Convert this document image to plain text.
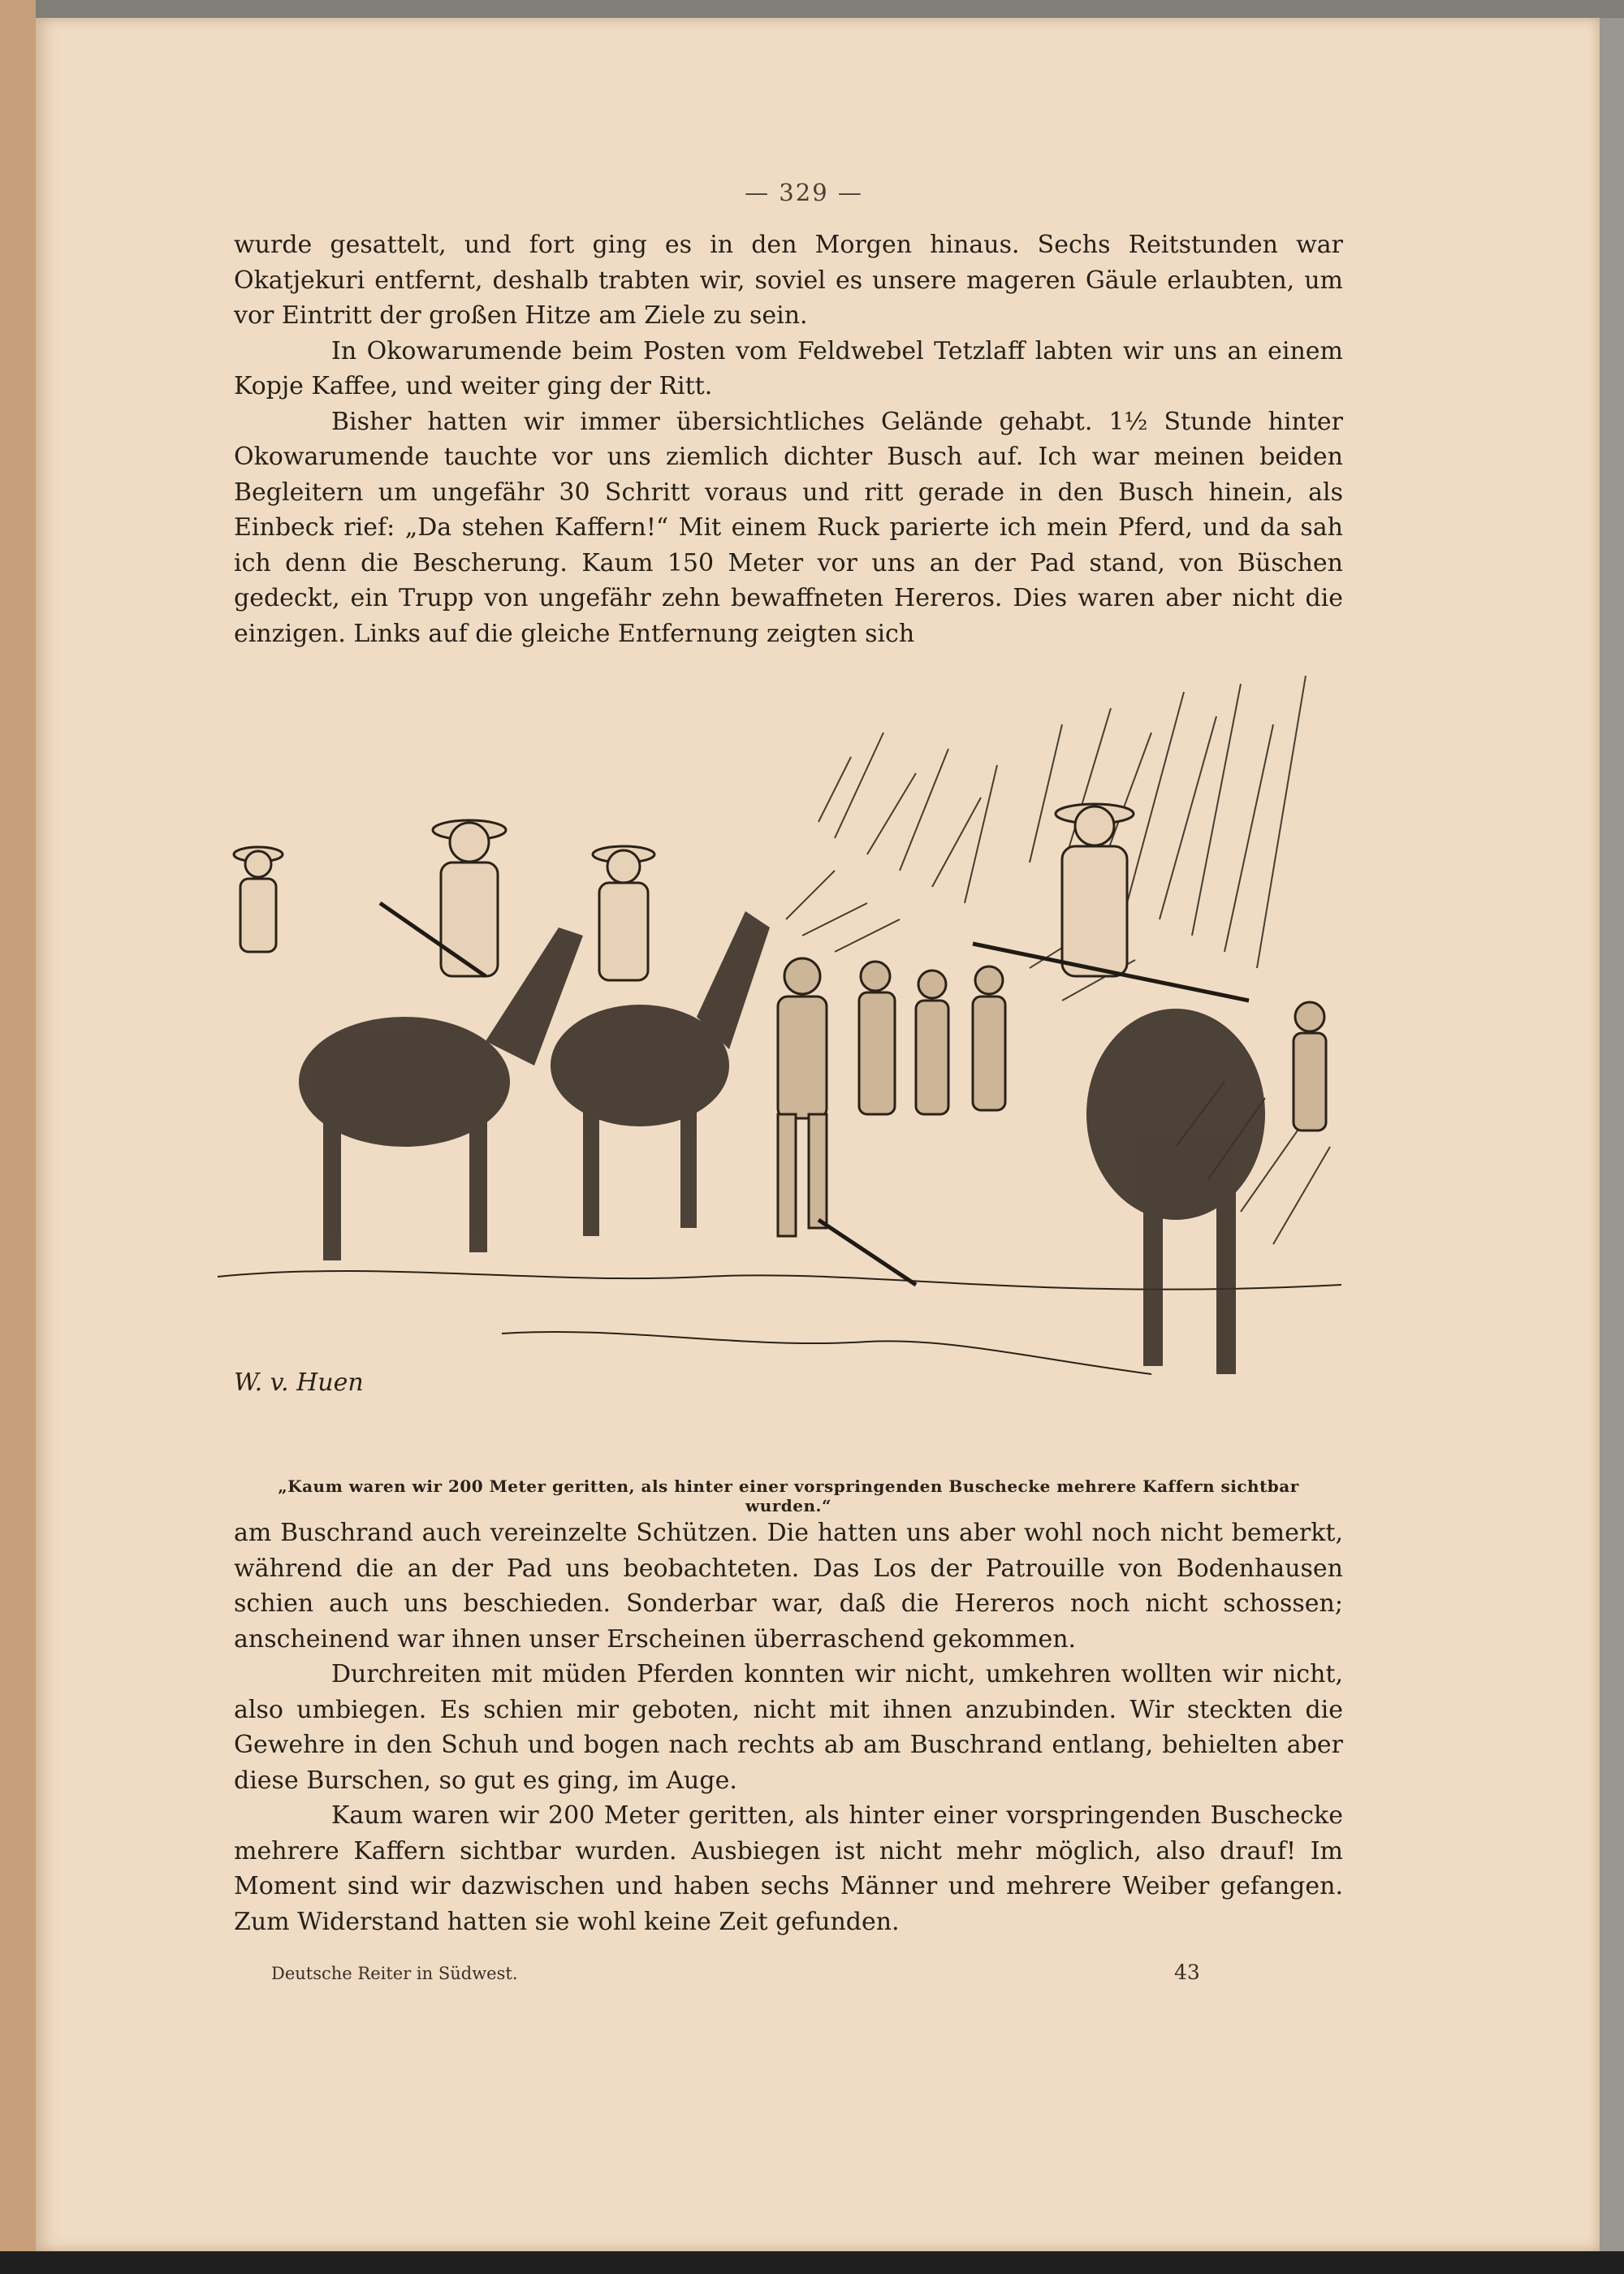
— 329 —

wurde gesattelt, und fort ging es in den Morgen hinaus. Sechs Reitstunden war Okatjekuri entfernt, deshalb trabten wir, soviel es unsere mageren Gäule erlaubten, um vor Eintritt der großen Hitze am Ziele zu sein.

In Okowarumende beim Posten vom Feldwebel Tetzlaff labten wir uns an einem Kopje Kaffee, und weiter ging der Ritt.

Bisher hatten wir immer übersichtliches Gelände gehabt. 1½ Stunde hinter Okowarumende tauchte vor uns ziemlich dichter Busch auf. Ich war meinen beiden Begleitern um ungefähr 30 Schritt voraus und ritt gerade in den Busch hinein, als Einbeck rief: „Da stehen Kaffern!“ Mit einem Ruck parierte ich mein Pferd, und da sah ich denn die Bescherung. Kaum 150 Meter vor uns an der Pad stand, von Büschen gedeckt, ein Trupp von ungefähr zehn bewaffneten Hereros. Dies waren aber nicht die einzigen. Links auf die gleiche Entfernung zeigten sich

W. v. Huen
„Kaum waren wir 200 Meter geritten, als hinter einer vorspringenden Buschecke mehrere Kaffern sichtbar wurden.“

am Buschrand auch vereinzelte Schützen. Die hatten uns aber wohl noch nicht bemerkt, während die an der Pad uns beobachteten. Das Los der Patrouille von Bodenhausen schien auch uns beschieden. Sonderbar war, daß die Hereros noch nicht schossen; anscheinend war ihnen unser Erscheinen überraschend gekommen.

Durchreiten mit müden Pferden konnten wir nicht, umkehren wollten wir nicht, also umbiegen. Es schien mir geboten, nicht mit ihnen anzubinden. Wir steckten die Gewehre in den Schuh und bogen nach rechts ab am Buschrand entlang, behielten aber diese Burschen, so gut es ging, im Auge.

Kaum waren wir 200 Meter geritten, als hinter einer vorspringenden Buschecke mehrere Kaffern sichtbar wurden. Ausbiegen ist nicht mehr möglich, also drauf! Im Moment sind wir dazwischen und haben sechs Männer und mehrere Weiber gefangen. Zum Widerstand hatten sie wohl keine Zeit gefunden.

Deutsche Reiter in Südwest.	43
